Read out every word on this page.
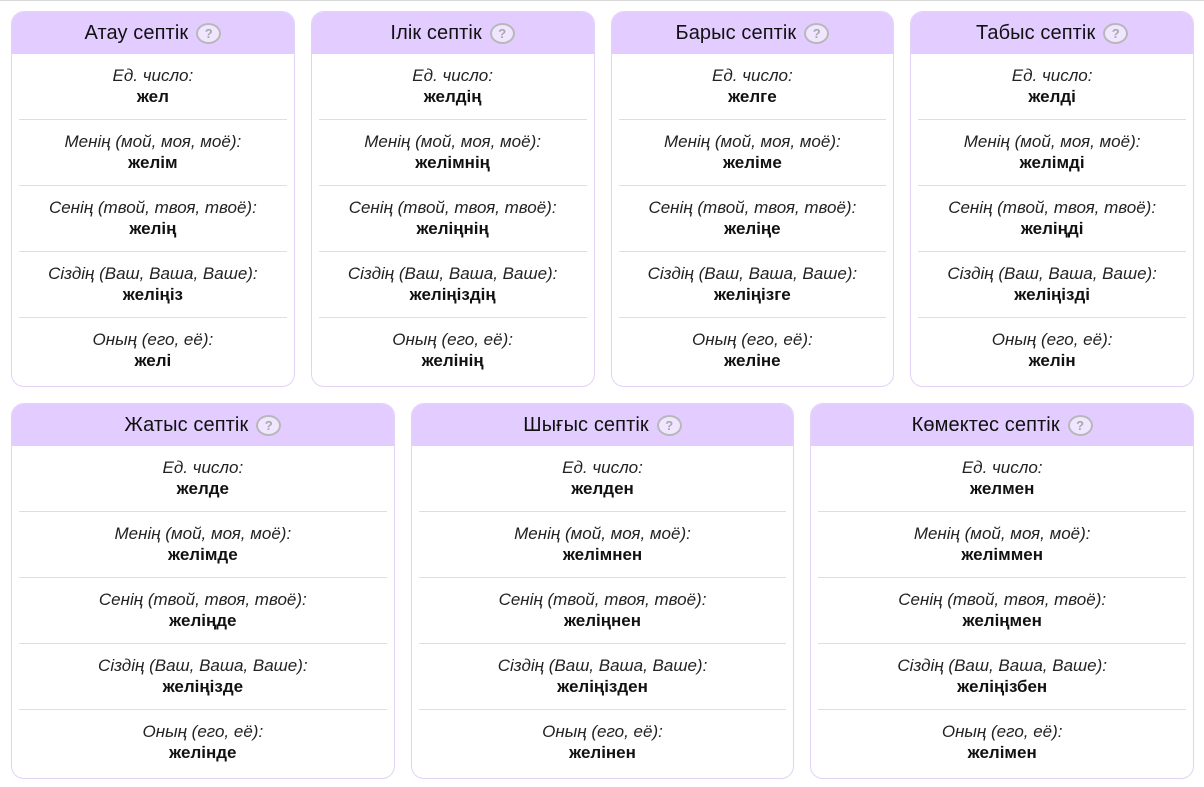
Атау септік	?
Ед. число:
жел
Менің (мой, моя, моё):
желім
Сенің (твой, твоя, твоё):
желің
Сіздің (Ваш, Ваша, Ваше):
желіңіз
Оның (его, её):
желі
Ілік септік	?
Ед. число:
желдің
Менің (мой, моя, моё):
желімнің
Сенің (твой, твоя, твоё):
желіңнің
Сіздің (Ваш, Ваша, Ваше):
желіңіздің
Оның (его, её):
желінің
Барыс септік	?
Ед. число:
желге
Менің (мой, моя, моё):
желіме
Сенің (твой, твоя, твоё):
желіңе
Сіздің (Ваш, Ваша, Ваше):
желіңізге
Оның (его, её):
желіне
Табыс септік	?
Ед. число:
желді
Менің (мой, моя, моё):
желімді
Сенің (твой, твоя, твоё):
желіңді
Сіздің (Ваш, Ваша, Ваше):
желіңізді
Оның (его, её):
желін
Жатыс септік	?
Ед. число:
желде
Менің (мой, моя, моё):
желімде
Сенің (твой, твоя, твоё):
желіңде
Сіздің (Ваш, Ваша, Ваше):
желіңізде
Оның (его, её):
желінде
Шығыс септік	?
Ед. число:
желден
Менің (мой, моя, моё):
желімнен
Сенің (твой, твоя, твоё):
желіңнен
Сіздің (Ваш, Ваша, Ваше):
желіңізден
Оның (его, её):
желінен
Көмектес септік	?
Ед. число:
желмен
Менің (мой, моя, моё):
желіммен
Сенің (твой, твоя, твоё):
желіңмен
Сіздің (Ваш, Ваша, Ваше):
желіңізбен
Оның (его, её):
желімен
